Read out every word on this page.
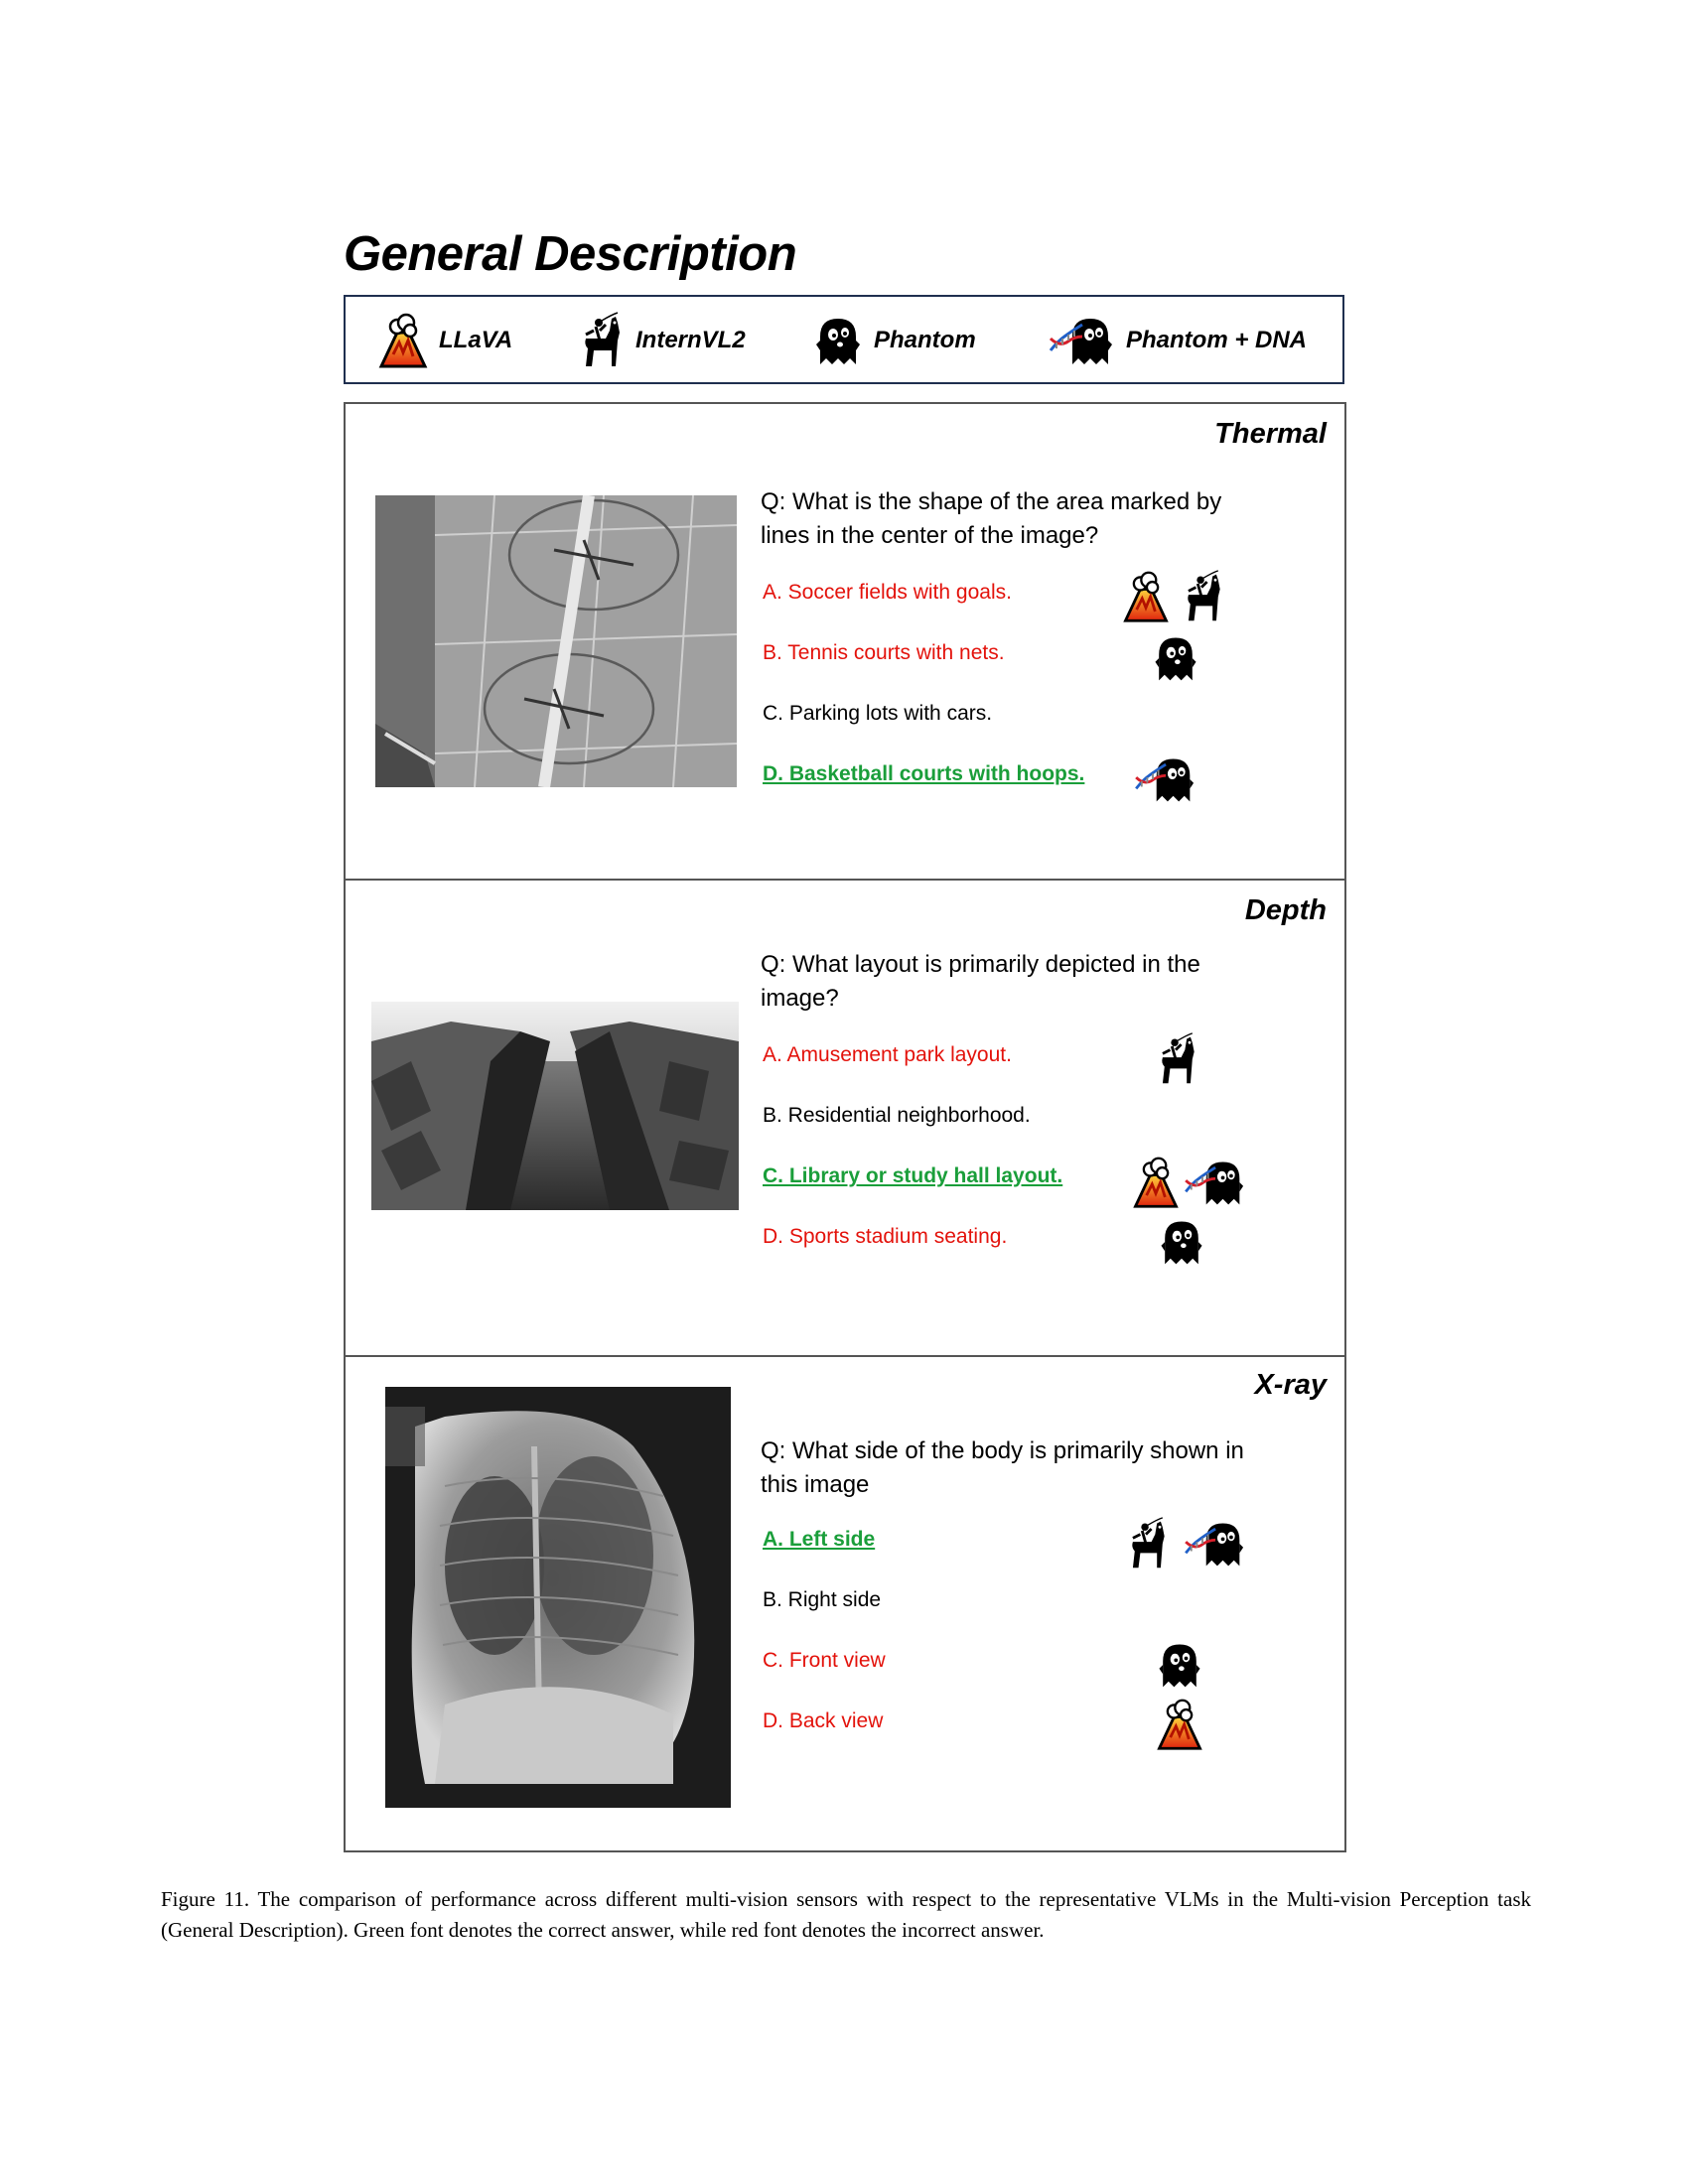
General Description
LLaVA	InternVL2	Phantom	Phantom + DNA
Thermal
Q: What is the shape of the area marked by lines in the center of the image?
A. Soccer fields with goals.
B. Tennis courts with nets.
C. Parking lots with cars.
D. Basketball courts with hoops.
Depth
Q: What layout is primarily depicted in the image?
A. Amusement park layout.
B. Residential neighborhood.
C. Library or study hall layout.
D. Sports stadium seating.
X-ray
Q: What side of the body is primarily shown in this image
A. Left side
B. Right side
C. Front view
D. Back view
Figure 11. The comparison of performance across different multi-vision sensors with respect to the representative VLMs in the Multi-vision Perception task (General Description). Green font denotes the correct answer, while red font denotes the incorrect answer.
